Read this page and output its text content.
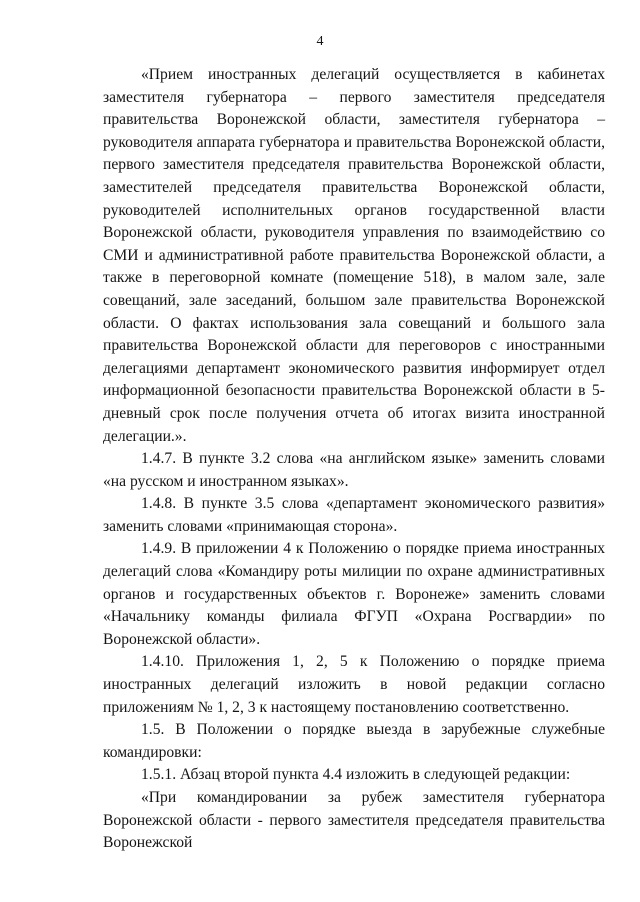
4

«Прием иностранных делегаций осуществляется в кабинетах заместителя губернатора – первого заместителя председателя правительства Воронежской области, заместителя губернатора – руководителя аппарата губернатора и правительства Воронежской области, первого заместителя председателя правительства Воронежской области, заместителей председателя правительства Воронежской области, руководителей исполнительных органов государственной власти Воронежской области, руководителя управления по взаимодействию со СМИ и административной работе правительства Воронежской области, а также в переговорной комнате (помещение 518), в малом зале, зале совещаний, зале заседаний, большом зале правительства Воронежской области. О фактах использования зала совещаний и большого зала правительства Воронежской области для переговоров с иностранными делегациями департамент экономического развития информирует отдел информационной безопасности правительства Воронежской области в 5-дневный срок после получения отчета об итогах визита иностранной делегации.».

1.4.7. В пункте 3.2 слова «на английском языке» заменить словами «на русском и иностранном языках».

1.4.8. В пункте 3.5 слова «департамент экономического развития» заменить словами «принимающая сторона».

1.4.9. В приложении 4 к Положению о порядке приема иностранных делегаций слова «Командиру роты милиции по охране административных органов и государственных объектов г. Воронеже» заменить словами «Начальнику команды филиала ФГУП «Охрана Росгвардии» по Воронежской области».

1.4.10. Приложения 1, 2, 5 к Положению о порядке приема иностранных делегаций изложить в новой редакции согласно приложениям № 1, 2, 3 к настоящему постановлению соответственно.

1.5. В Положении о порядке выезда в зарубежные служебные командировки:

1.5.1. Абзац второй пункта 4.4 изложить в следующей редакции:

«При командировании за рубеж заместителя губернатора Воронежской области - первого заместителя председателя правительства Воронежской
